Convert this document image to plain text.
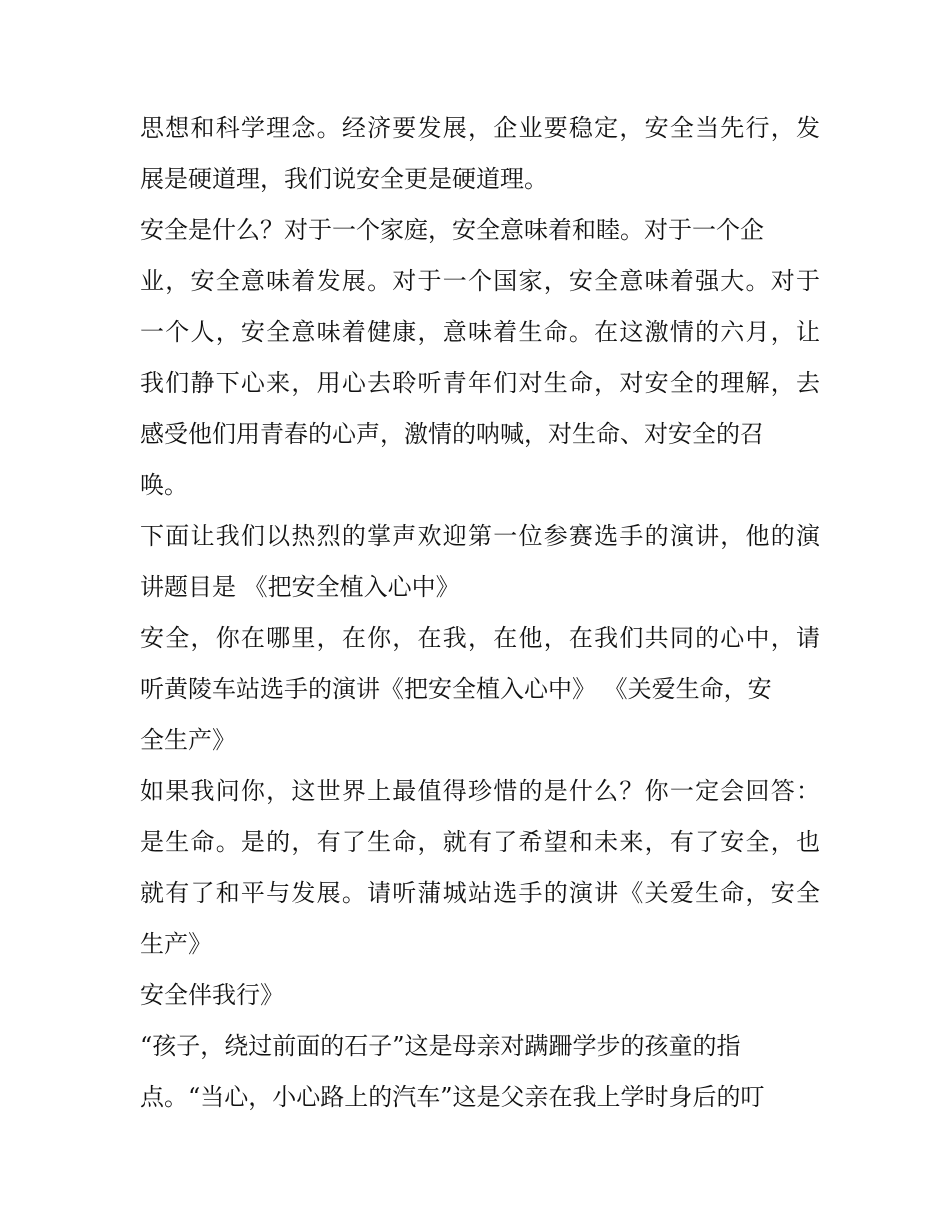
思想和科学理念。经济要发展，企业要稳定，安全当先行，发
展是硬道理，我们说安全更是硬道理。
安全是什么？对于一个家庭，安全意味着和睦。对于一个企
业，安全意味着发展。对于一个国家，安全意味着强大。对于
一个人，安全意味着健康，意味着生命。在这激情的六月，让
我们静下心来，用心去聆听青年们对生命，对安全的理解，去
感受他们用青春的心声，激情的呐喊，对生命、对安全的召
唤。
下面让我们以热烈的掌声欢迎第一位参赛选手的演讲，他的演
讲题目是 《把安全植入心中》
安全，你在哪里，在你，在我，在他，在我们共同的心中，请
听黄陵车站选手的演讲《把安全植入心中》 《关爱生命，安
全生产》
如果我问你，这世界上最值得珍惜的是什么？你一定会回答：
是生命。是的，有了生命，就有了希望和未来，有了安全，也
就有了和平与发展。请听蒲城站选手的演讲《关爱生命，安全
生产》
安全伴我行》
“孩子，绕过前面的石子”这是母亲对蹒跚学步的孩童的指
点。“当心，小心路上的汽车”这是父亲在我上学时身后的叮
